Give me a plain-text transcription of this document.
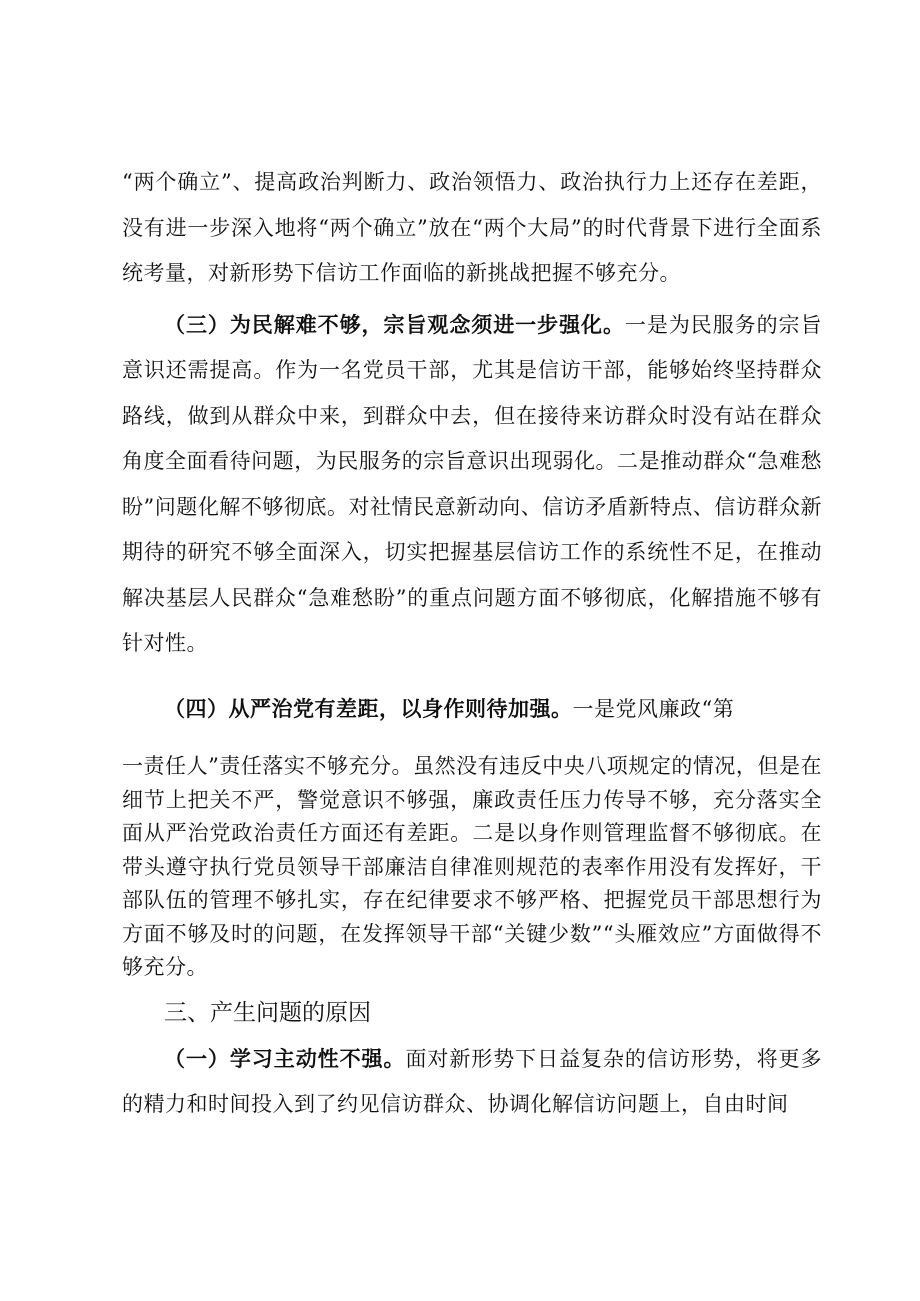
“两个确立”、提高政治判断力、政治领悟力、政治执行力上还存在差距，没有进一步深入地将“两个确立”放在“两个大局”的时代背景下进行全面系统考量，对新形势下信访工作面临的新挑战把握不够充分。

（三）为民解难不够，宗旨观念须进一步强化。一是为民服务的宗旨意识还需提高。作为一名党员干部，尤其是信访干部，能够始终坚持群众路线，做到从群众中来，到群众中去，但在接待来访群众时没有站在群众角度全面看待问题，为民服务的宗旨意识出现弱化。二是推动群众“急难愁盼”问题化解不够彻底。对社情民意新动向、信访矛盾新特点、信访群众新期待的研究不够全面深入，切实把握基层信访工作的系统性不足，在推动解决基层人民群众“急难愁盼”的重点问题方面不够彻底，化解措施不够有针对性。

（四）从严治党有差距，以身作则待加强。一是党风廉政“第
一责任人”责任落实不够充分。虽然没有违反中央八项规定的情况，但是在细节上把关不严，警觉意识不够强，廉政责任压力传导不够，充分落实全面从严治党政治责任方面还有差距。二是以身作则管理监督不够彻底。在带头遵守执行党员领导干部廉洁自律准则规范的表率作用没有发挥好，干部队伍的管理不够扎实，存在纪律要求不够严格、把握党员干部思想行为方面不够及时的问题，在发挥领导干部“关键少数”“头雁效应”方面做得不够充分。
三、产生问题的原因

（一）学习主动性不强。面对新形势下日益复杂的信访形势，将更多的精力和时间投入到了约见信访群众、协调化解信访问题上，自由时间
